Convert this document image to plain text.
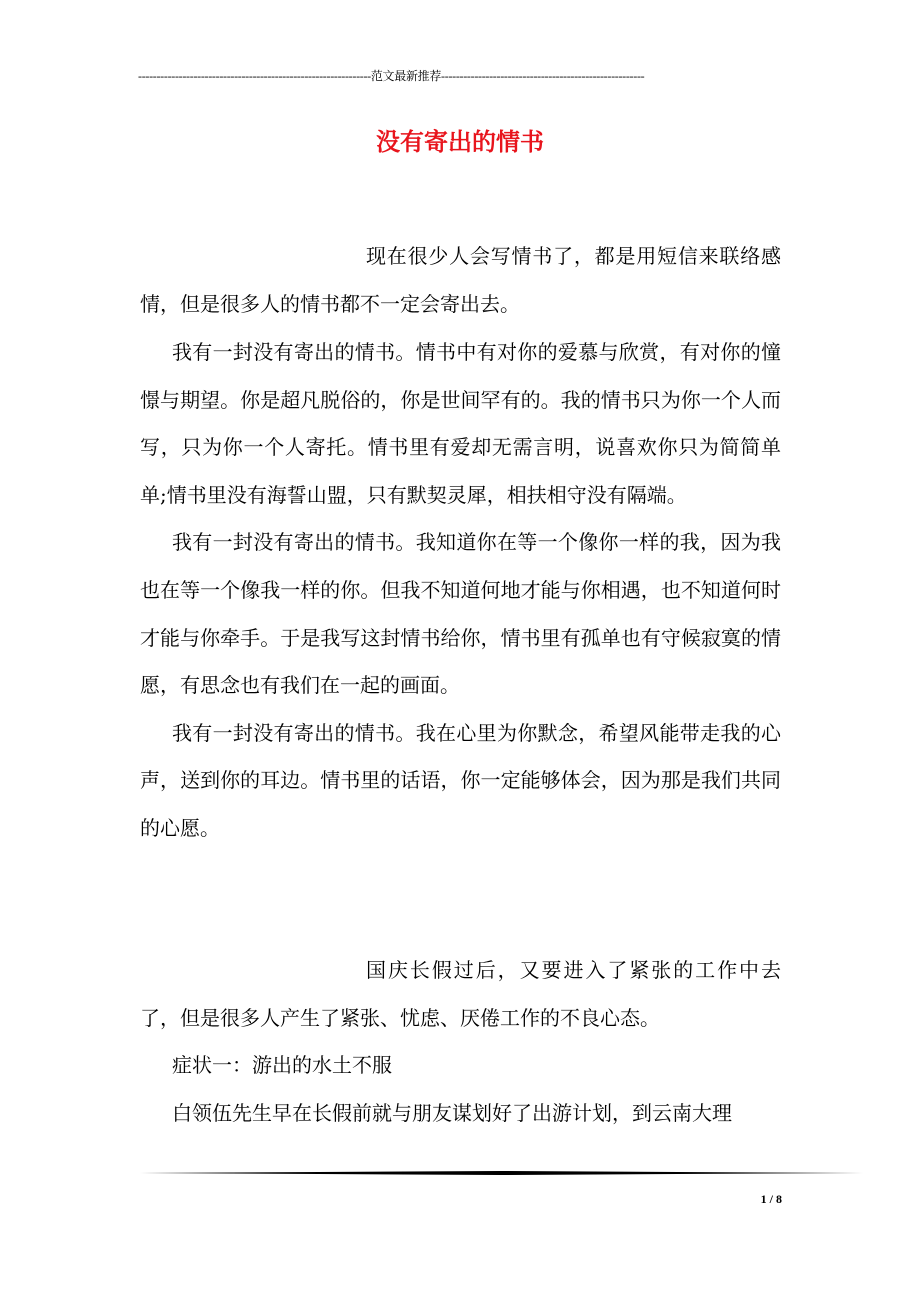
---------------------------------------------------------------范文最新推荐-------------------------------------------------------
没有寄出的情书

现在很少人会写情书了，都是用短信来联络感情，但是很多人的情书都不一定会寄出去。

我有一封没有寄出的情书。情书中有对你的爱慕与欣赏，有对你的憧憬与期望。你是超凡脱俗的，你是世间罕有的。我的情书只为你一个人而写，只为你一个人寄托。情书里有爱却无需言明，说喜欢你只为简简单单;情书里没有海誓山盟，只有默契灵犀，相扶相守没有隔端。

我有一封没有寄出的情书。我知道你在等一个像你一样的我，因为我也在等一个像我一样的你。但我不知道何地才能与你相遇，也不知道何时才能与你牵手。于是我写这封情书给你，情书里有孤单也有守候寂寞的情愿，有思念也有我们在一起的画面。

我有一封没有寄出的情书。我在心里为你默念，希望风能带走我的心声，送到你的耳边。情书里的话语，你一定能够体会，因为那是我们共同的心愿。

国庆长假过后，又要进入了紧张的工作中去了，但是很多人产生了紧张、忧虑、厌倦工作的不良心态。

症状一：游出的水土不服

白领伍先生早在长假前就与朋友谋划好了出游计划，到云南大理

1 / 8
